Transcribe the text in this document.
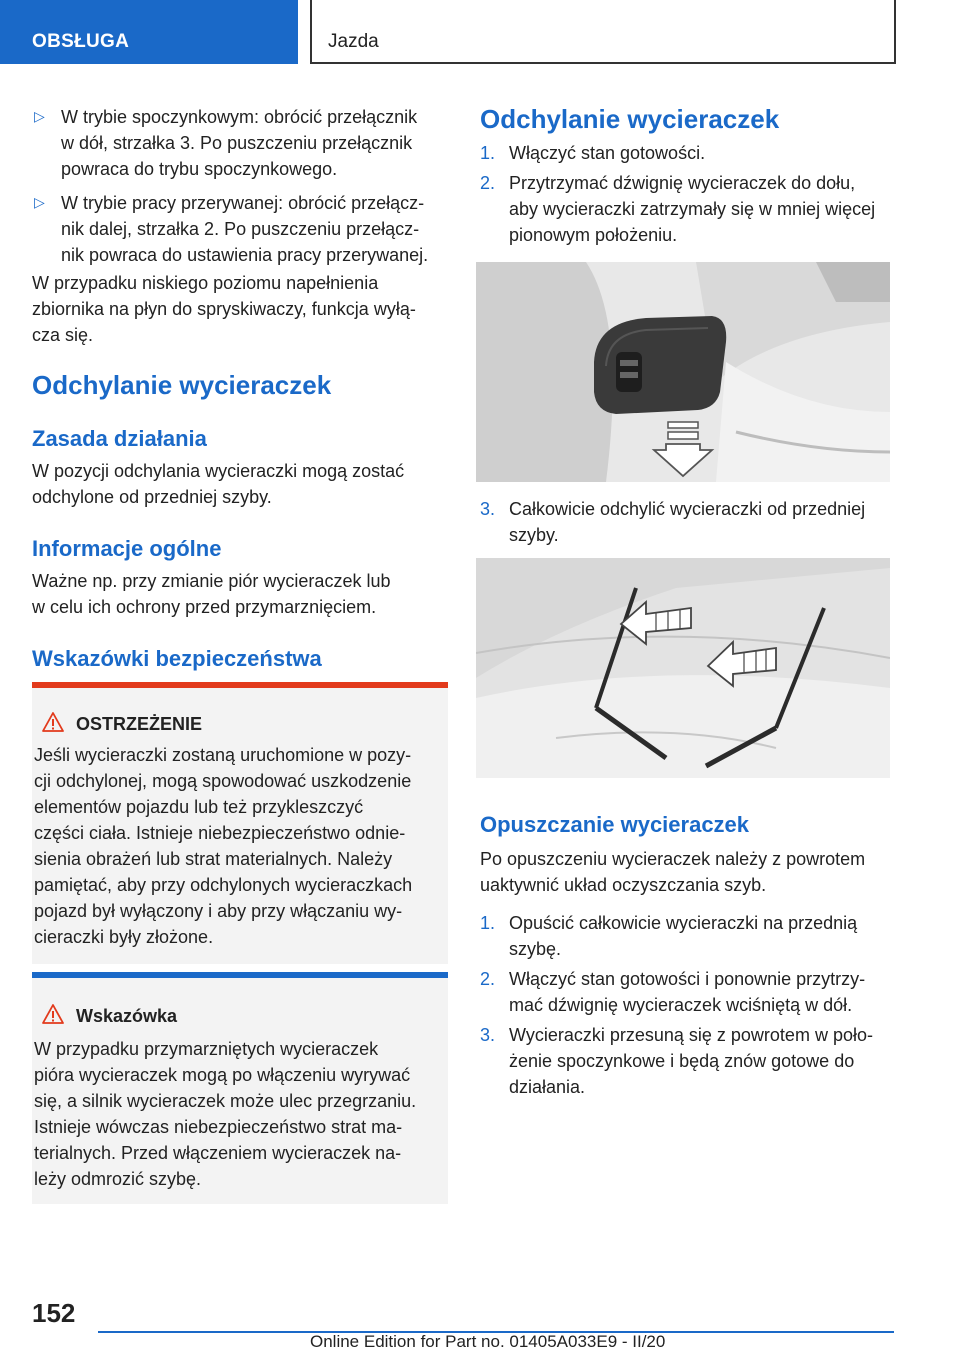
OBSŁUGA	Jazda
▷ W trybie spoczynkowym: obrócić przełącznik
w dół, strzałka 3. Po puszczeniu przełącznik
powraca do trybu spoczynkowego.
▷ W trybie pracy przerywanej: obrócić przełącz-
nik dalej, strzałka 2. Po puszczeniu przełącz-
nik powraca do ustawienia pracy przerywanej.
W przypadku niskiego poziomu napełnienia
zbiornika na płyn do spryskiwaczy, funkcja wyłą-
cza się.
Odchylanie wycieraczek
Zasada działania
W pozycji odchylania wycieraczki mogą zostać
odchylone od przedniej szyby.
Informacje ogólne
Ważne np. przy zmianie piór wycieraczek lub
w celu ich ochrony przed przymarznięciem.
Wskazówki bezpieczeństwa
OSTRZEŻENIE
Jeśli wycieraczki zostaną uruchomione w pozy-
cji odchylonej, mogą spowodować uszkodzenie
elementów pojazdu lub też przykleszczyć
części ciała. Istnieje niebezpieczeństwo odnie-
sienia obrażeń lub strat materialnych. Należy
pamiętać, aby przy odchylonych wycieraczkach
pojazd był wyłączony i aby przy włączaniu wy-
cieraczki były złożone.
Wskazówka
W przypadku przymarzniętych wycieraczek
pióra wycieraczek mogą po włączeniu wyrywać
się, a silnik wycieraczek może ulec przegrzaniu.
Istnieje wówczas niebezpieczeństwo strat ma-
terialnych. Przed włączeniem wycieraczek na-
leży odmrozić szybę.
Odchylanie wycieraczek
1. Włączyć stan gotowości.
2. Przytrzymać dźwignię wycieraczek do dołu,
aby wycieraczki zatrzymały się w mniej więcej
pionowym położeniu.
3. Całkowicie odchylić wycieraczki od przedniej
szyby.
Opuszczanie wycieraczek
Po opuszczeniu wycieraczek należy z powrotem
uaktywnić układ oczyszczania szyb.
1. Opuścić całkowicie wycieraczki na przednią
szybę.
2. Włączyć stan gotowości i ponownie przytrzy-
mać dźwignię wycieraczek wciśniętą w dół.
3. Wycieraczki przesuną się z powrotem w poło-
żenie spoczynkowe i będą znów gotowe do
działania.
152
Online Edition for Part no. 01405A033E9 - II/20
